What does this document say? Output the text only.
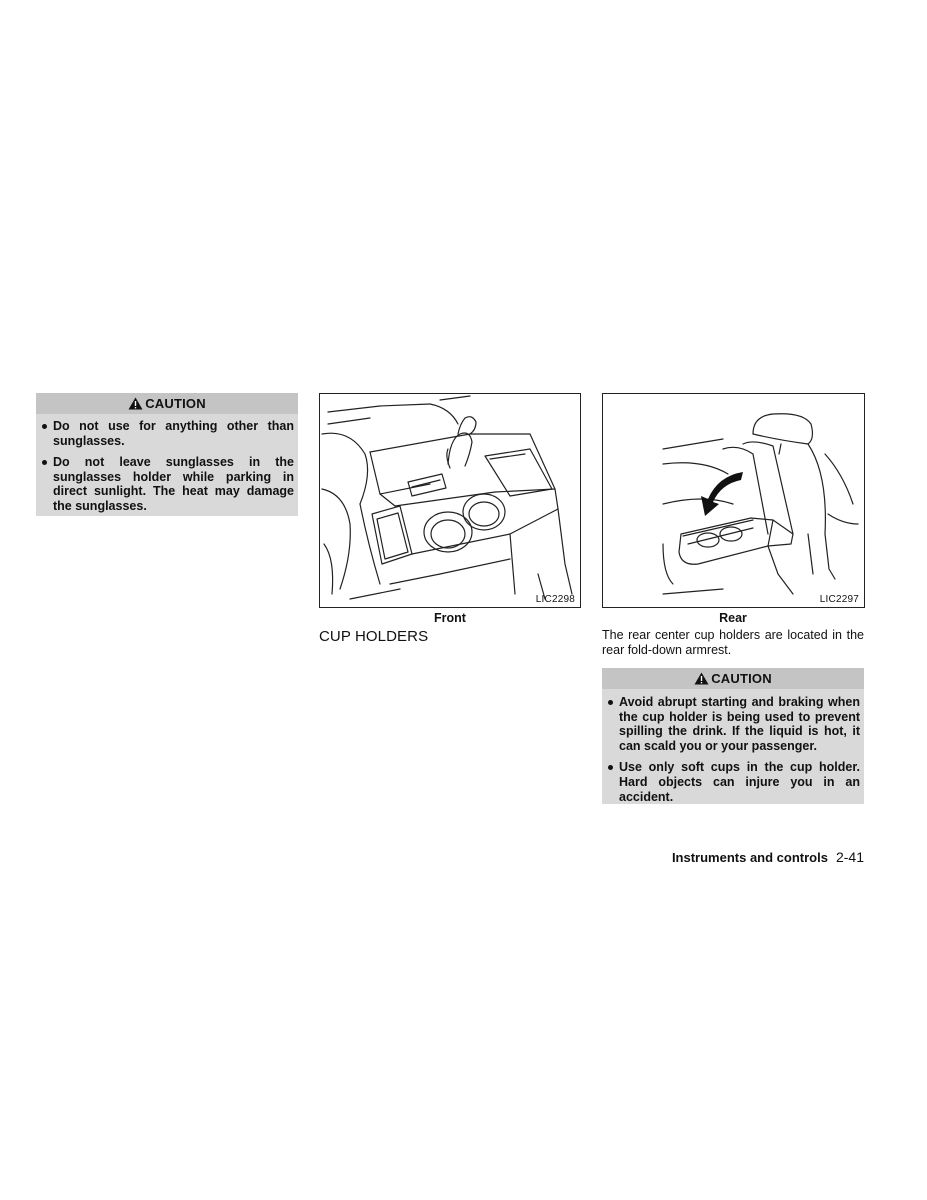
CAUTION
Do not use for anything other than sunglasses.
Do not leave sunglasses in the sunglasses holder while parking in direct sunlight. The heat may damage the sunglasses.
LIC2298
Front
LIC2297
Rear
CUP HOLDERS	The rear center cup holders are located in the rear fold-down armrest.
CAUTION
Avoid abrupt starting and braking when the cup holder is being used to prevent spilling the drink. If the liquid is hot, it can scald you or your passenger.
Use only soft cups in the cup holder. Hard objects can injure you in an accident.
Instruments and controls 2-41
